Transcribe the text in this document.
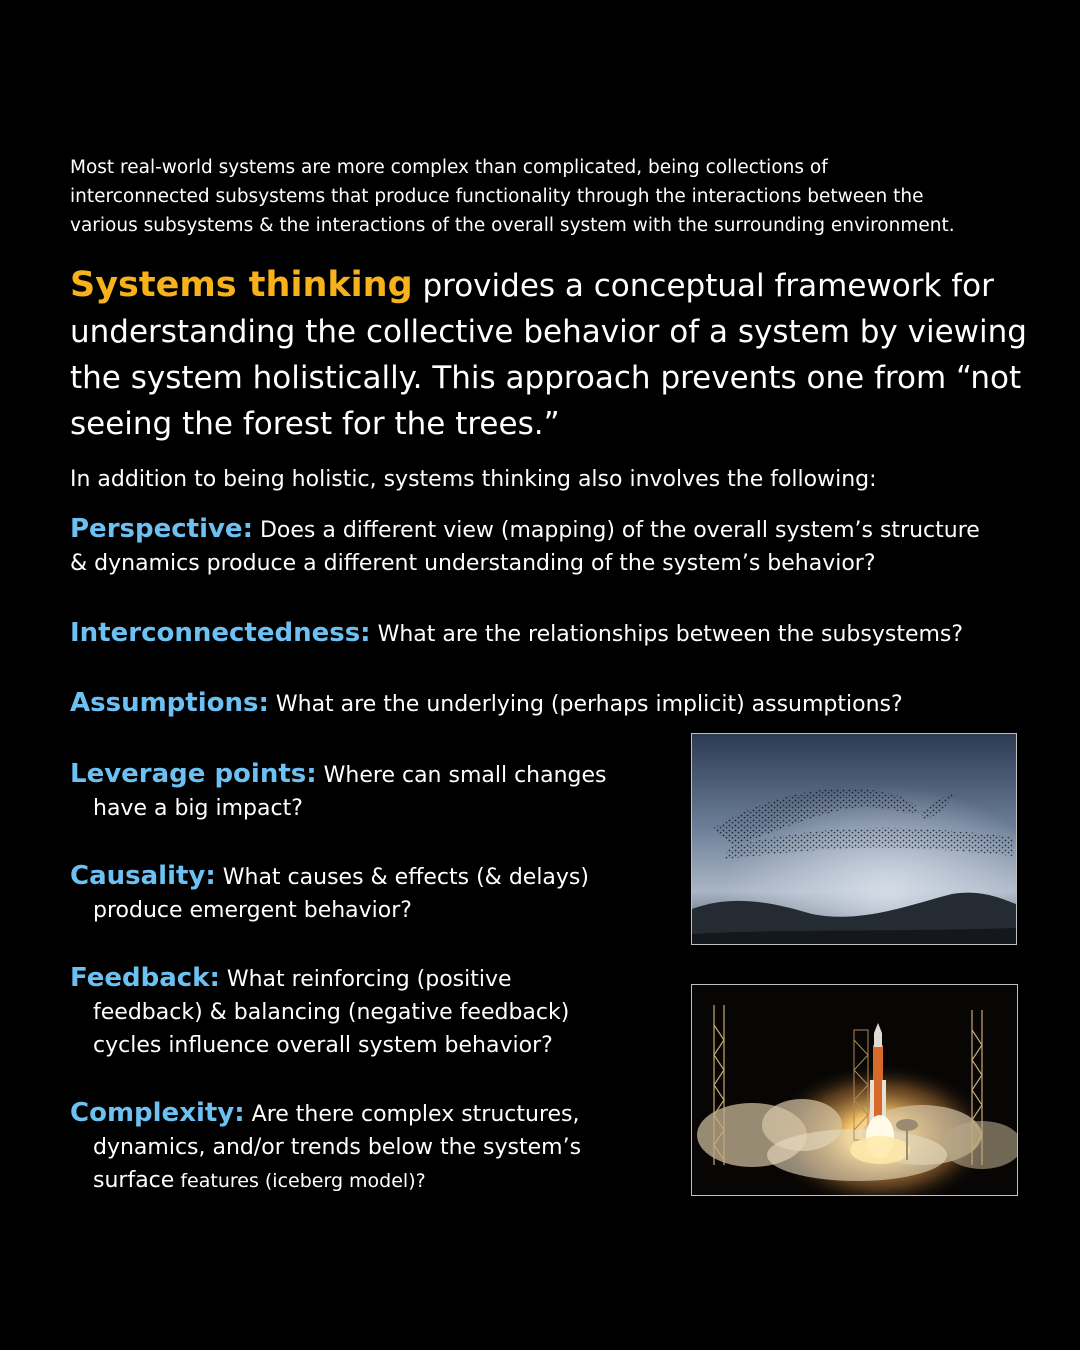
Most real-world systems are more complex than complicated, being collections of
interconnected subsystems that produce functionality through the interactions between the
various subsystems & the interactions of the overall system with the surrounding environment.
Systems thinking provides a conceptual framework for
understanding the collective behavior of a system by viewing
the system holistically. This approach prevents one from “not
seeing the forest for the trees.”
In addition to being holistic, systems thinking also involves the following:
Perspective: Does a different view (mapping) of the overall system’s structure
& dynamics produce a different understanding of the system’s behavior?
Interconnectedness: What are the relationships between the subsystems?
Assumptions: What are the underlying (perhaps implicit) assumptions?
Leverage points: Where can small changes
have a big impact?
Causality: What causes & effects (& delays)
produce emergent behavior?
Feedback: What reinforcing (positive
feedback) & balancing (negative feedback)
cycles influence overall system behavior?
Complexity: Are there complex structures,
dynamics, and/or trends below the system’s
surface features (iceberg model)?
